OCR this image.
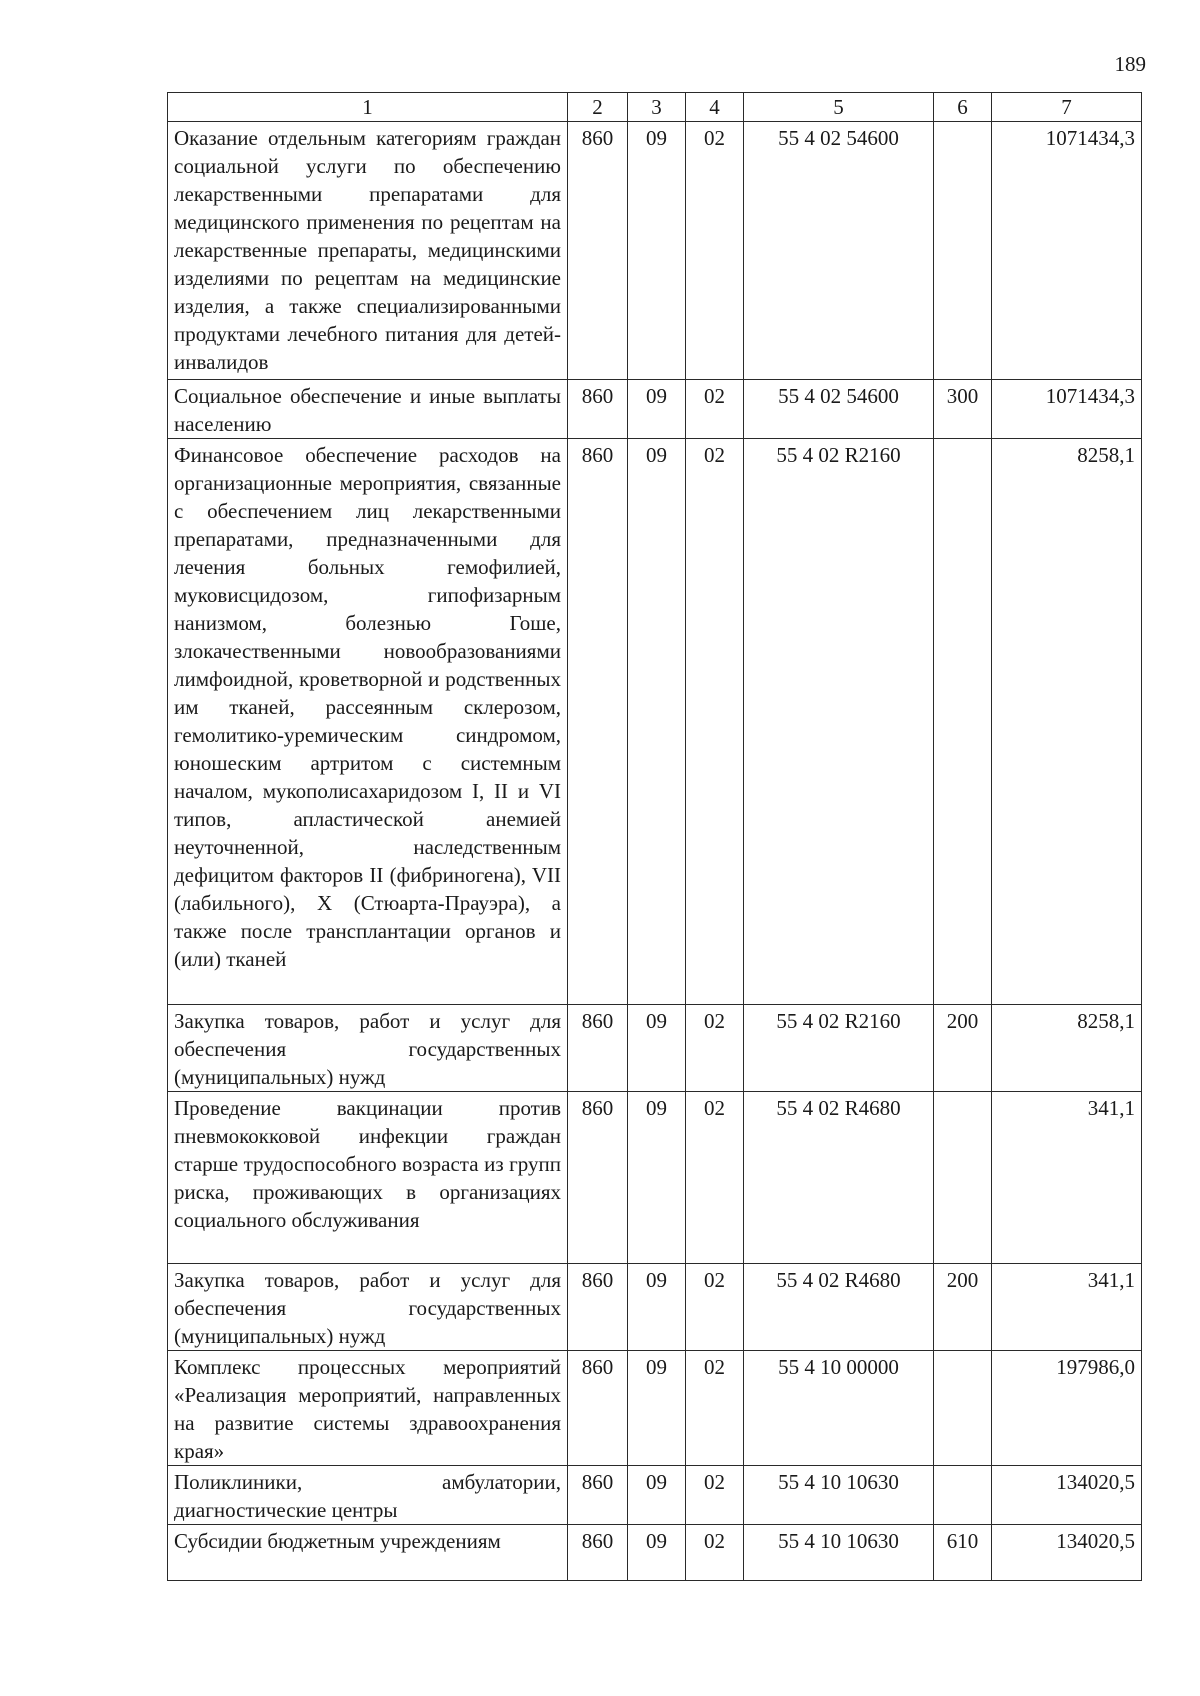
189
1	2	3	4	5	6	7
Оказание отдельным категориям граждан социальной услуги по обеспечению лекарственными препаратами для медицинского применения по рецептам на лекарственные препараты, медицинскими изделиями по рецептам на медицинские изделия, а также специализированными продуктами лечебного питания для детей-инвалидов	860	09	02	55 4 02 54600		1071434,3
Социальное обеспечение и иные выплаты населению	860	09	02	55 4 02 54600	300	1071434,3
Финансовое обеспечение расходов на организационные мероприятия, связанные с обеспечением лиц лекарственными препаратами, предназначенными для лечения больных гемофилией, муковисцидозом, гипофизарным нанизмом, болезнью Гоше, злокачественными новообразованиями лимфоидной, кроветворной и родственных им тканей, рассеянным склерозом, гемолитико-уремическим синдромом, юношеским артритом с системным началом, мукополисахаридозом I, II и VI типов, апластической анемией неуточненной, наследственным дефицитом факторов II (фибриногена), VII (лабильного), X (Стюарта-Прауэра), а также после трансплантации органов и (или) тканей	860	09	02	55 4 02 R2160		8258,1
Закупка товаров, работ и услуг для обеспечения государственных (муниципальных) нужд	860	09	02	55 4 02 R2160	200	8258,1
Проведение вакцинации против пневмококковой инфекции граждан старше трудоспособного возраста из групп риска, проживающих в организациях социального обслуживания	860	09	02	55 4 02 R4680		341,1
Закупка товаров, работ и услуг для обеспечения государственных (муниципальных) нужд	860	09	02	55 4 02 R4680	200	341,1
Комплекс процессных мероприятий «Реализация мероприятий, направленных на развитие системы здравоохранения края»	860	09	02	55 4 10 00000		197986,0
Поликлиники, амбулатории, диагностические центры	860	09	02	55 4 10 10630		134020,5
Субсидии бюджетным учреждениям	860	09	02	55 4 10 10630	610	134020,5
